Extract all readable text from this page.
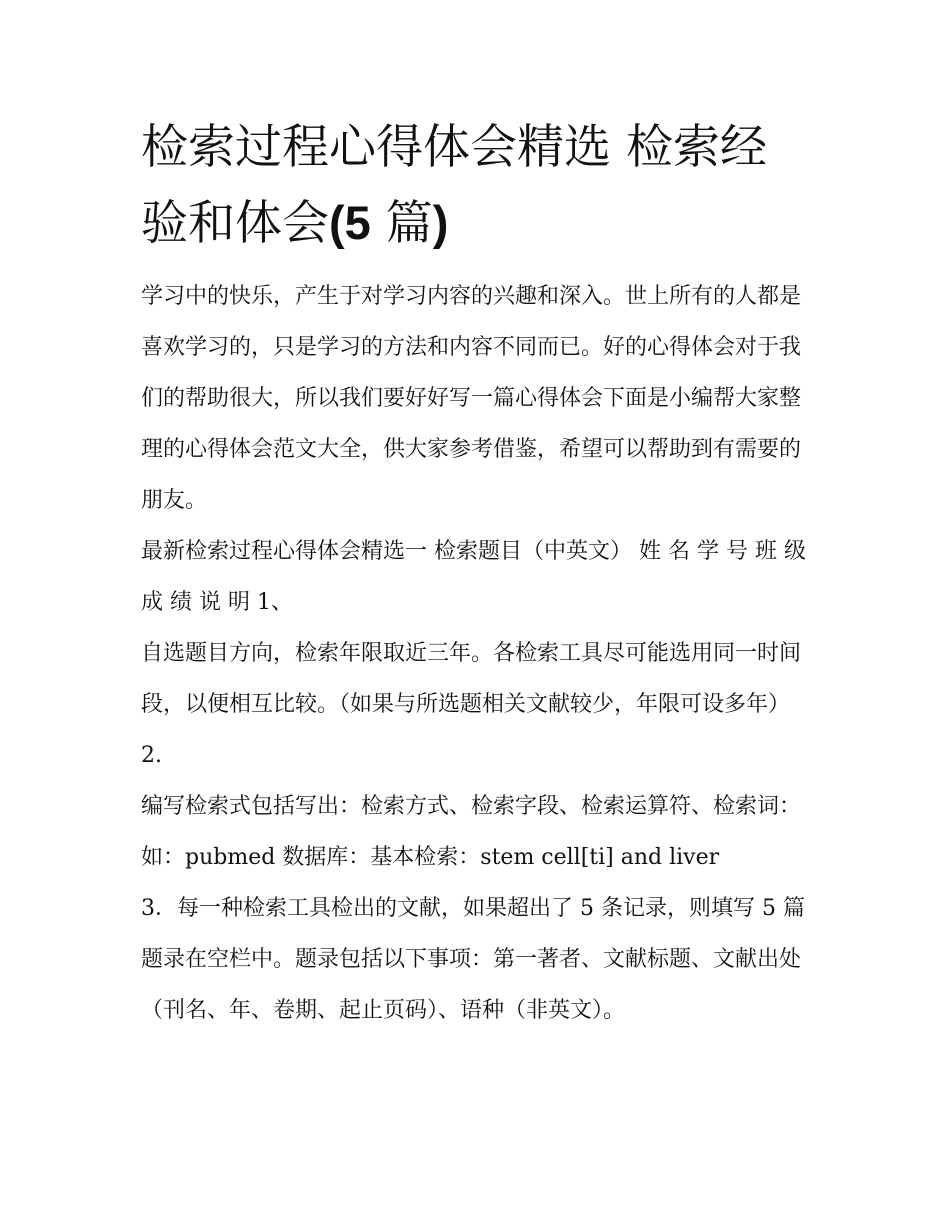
检索过程心得体会精选 检索经验和体会(5 篇)

学习中的快乐，产生于对学习内容的兴趣和深入。世上所有的人都是喜欢学习的，只是学习的方法和内容不同而已。好的心得体会对于我们的帮助很大，所以我们要好好写一篇心得体会下面是小编帮大家整理的心得体会范文大全，供大家参考借鉴，希望可以帮助到有需要的朋友。

最新检索过程心得体会精选一 检索题目（中英文） 姓 名 学 号 班 级 成 绩 说 明 1、

自选题目方向，检索年限取近三年。各检索工具尽可能选用同一时间段，以便相互比较。（如果与所选题相关文献较少，年限可设多年） 2.

编写检索式包括写出：检索方式、检索字段、检索运算符、检索词：如：pubmed 数据库：基本检索：stem cell[ti] and liver

3．每一种检索工具检出的文献，如果超出了 5 条记录，则填写 5 篇题录在空栏中。题录包括以下事项：第一著者、文献标题、文献出处（刊名、年、卷期、起止页码）、语种（非英文）。
